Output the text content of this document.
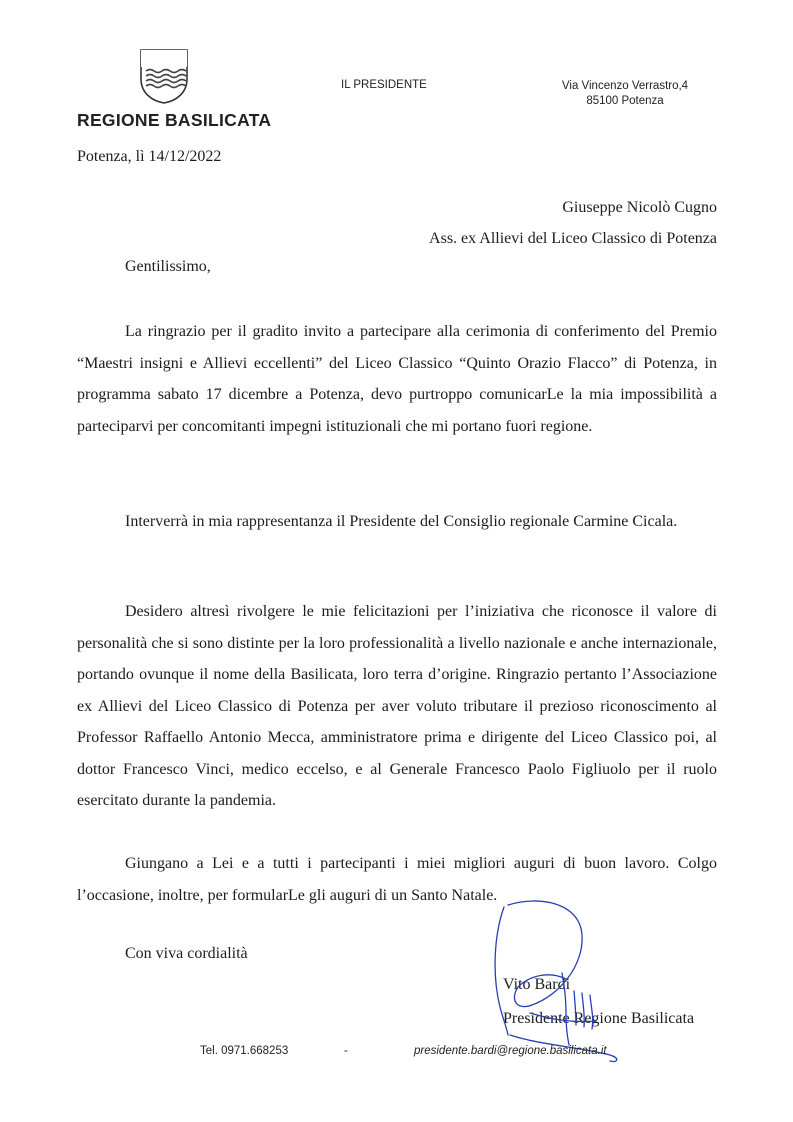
REGIONE BASILICATA
IL PRESIDENTE	Via Vincenzo Verrastro,4
85100 Potenza
Potenza, lì 14/12/2022
Giuseppe Nicolò Cugno
Ass. ex Allievi del Liceo Classico di Potenza
Gentilissimo,

La ringrazio per il gradito invito a partecipare alla cerimonia di conferimento del Premio “Maestri insigni e Allievi eccellenti” del Liceo Classico “Quinto Orazio Flacco” di Potenza, in programma sabato 17 dicembre a Potenza, devo purtroppo comunicarLe la mia impossibilità a parteciparvi per concomitanti impegni istituzionali che mi portano fuori regione.

Interverrà in mia rappresentanza il Presidente del Consiglio regionale Carmine Cicala.

Desidero altresì rivolgere le mie felicitazioni per l’iniziativa che riconosce il valore di personalità che si sono distinte per la loro professionalità a livello nazionale e anche internazionale, portando ovunque il nome della Basilicata, loro terra d’origine. Ringrazio pertanto l’Associazione ex Allievi del Liceo Classico di Potenza per aver voluto tributare il prezioso riconoscimento al Professor Raffaello Antonio Mecca, amministratore prima e dirigente del Liceo Classico poi, al dottor Francesco Vinci, medico eccelso, e al Generale Francesco Paolo Figliuolo per il ruolo esercitato durante la pandemia.

Giungano a Lei e a tutti i partecipanti i miei migliori auguri di buon lavoro. Colgo l’occasione, inoltre, per formularLe gli auguri di un Santo Natale.

Con viva cordialità
Vito Bardi
Presidente Regione Basilicata
Tel. 0971.668253	-	presidente.bardi@regione.basilicata.it
